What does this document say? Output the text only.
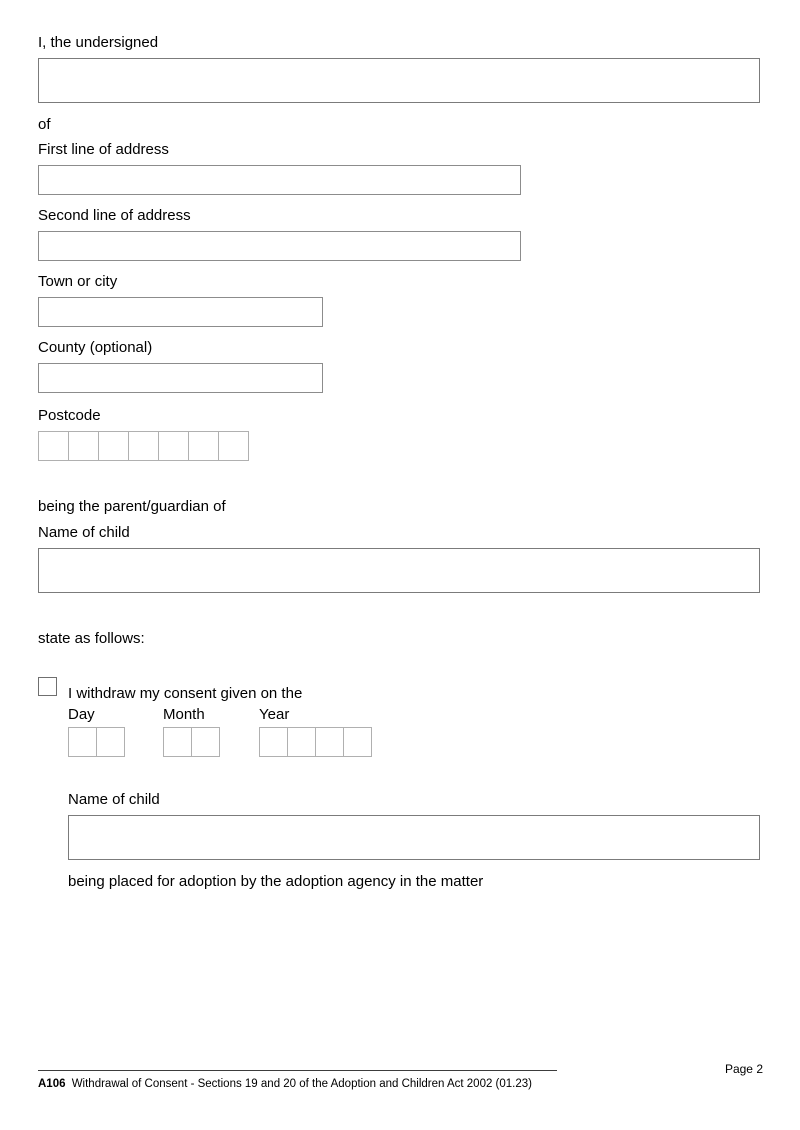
I, the undersigned
of
First line of address
Second line of address
Town or city
County (optional)
Postcode
being the parent/guardian of
Name of child
state as follows:
I withdraw my consent given on the
Day	Month	Year
Name of child
being placed for adoption by the adoption agency in the matter
Page 2
A106 Withdrawal of Consent - Sections 19 and 20 of the Adoption and Children Act 2002 (01.23)
